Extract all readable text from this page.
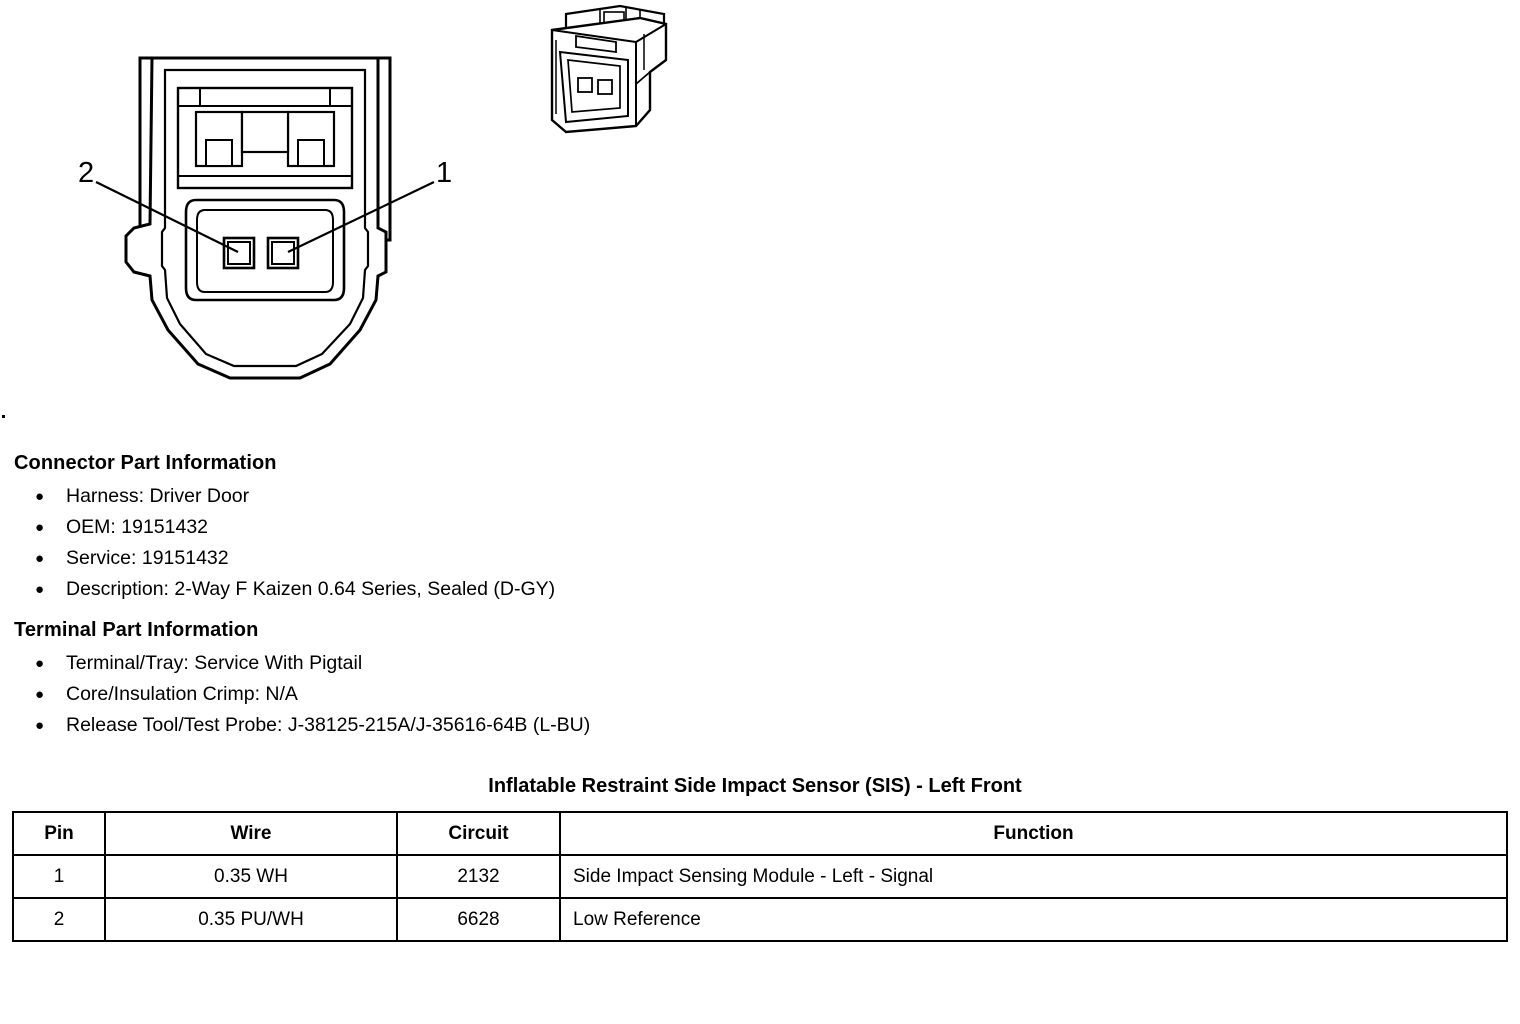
2	1
Connector Part Information
● Harness: Driver Door
● OEM: 19151432
● Service: 19151432
● Description: 2-Way F Kaizen 0.64 Series, Sealed (D-GY)
Terminal Part Information
● Terminal/Tray: Service With Pigtail
● Core/Insulation Crimp: N/A
● Release Tool/Test Probe: J-38125-215A/J-35616-64B (L-BU)
Inflatable Restraint Side Impact Sensor (SIS) - Left Front
Pin	Wire	Circuit	Function
1	0.35 WH	2132	Side Impact Sensing Module - Left - Signal
2	0.35 PU/WH	6628	Low Reference
